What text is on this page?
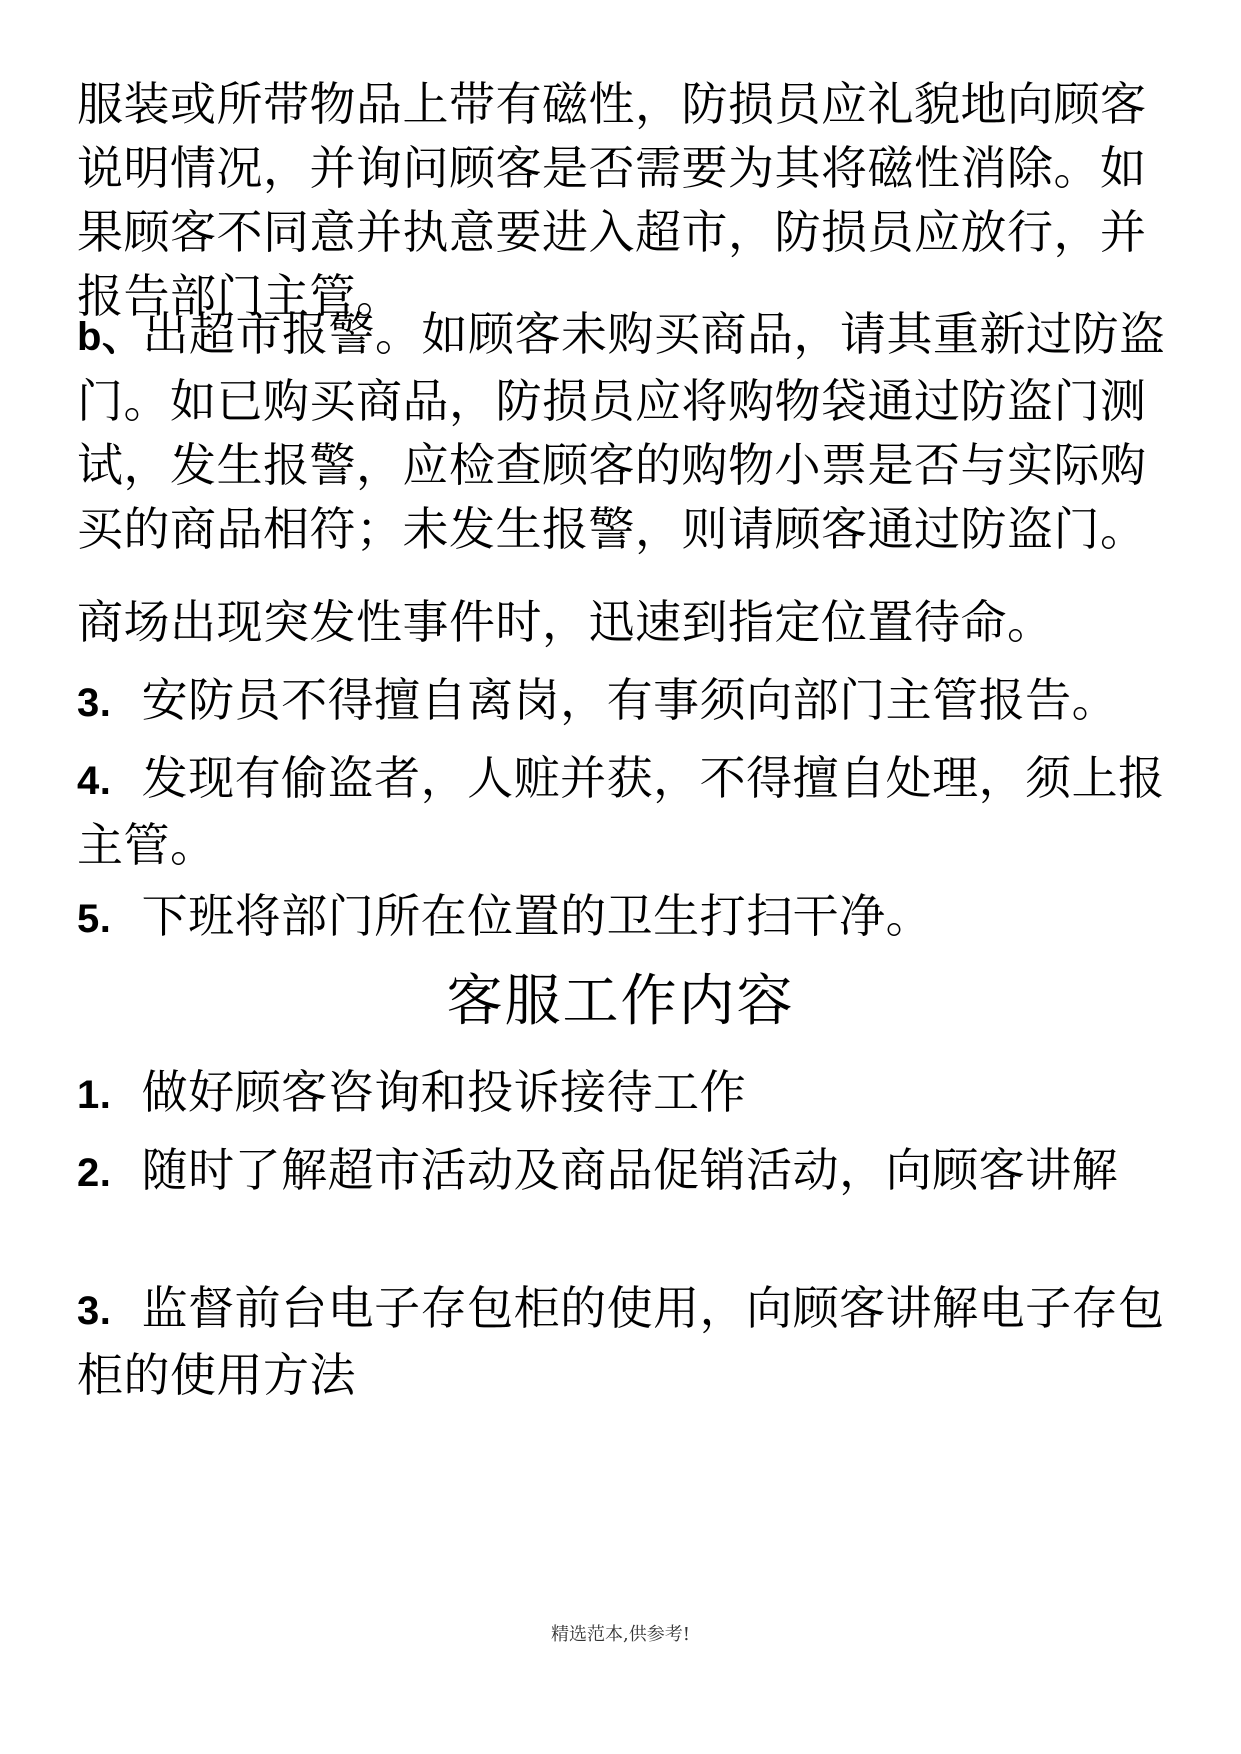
服装或所带物品上带有磁性，防损员应礼貌地向顾客说明情况，并询问顾客是否需要为其将磁性消除。如果顾客不同意并执意要进入超市，防损员应放行，并报告部门主管。
b、出超市报警。如顾客未购买商品，请其重新过防盗门。如已购买商品，防损员应将购物袋通过防盗门测试，发生报警，应检查顾客的购物小票是否与实际购买的商品相符；未发生报警，则请顾客通过防盗门。
商场出现突发性事件时，迅速到指定位置待命。
3. 安防员不得擅自离岗，有事须向部门主管报告。
4. 发现有偷盗者，人赃并获，不得擅自处理，须上报主管。
5. 下班将部门所在位置的卫生打扫干净。
客服工作内容
1. 做好顾客咨询和投诉接待工作
2. 随时了解超市活动及商品促销活动，向顾客讲解
3. 监督前台电子存包柜的使用，向顾客讲解电子存包柜的使用方法
精选范本,供参考!
